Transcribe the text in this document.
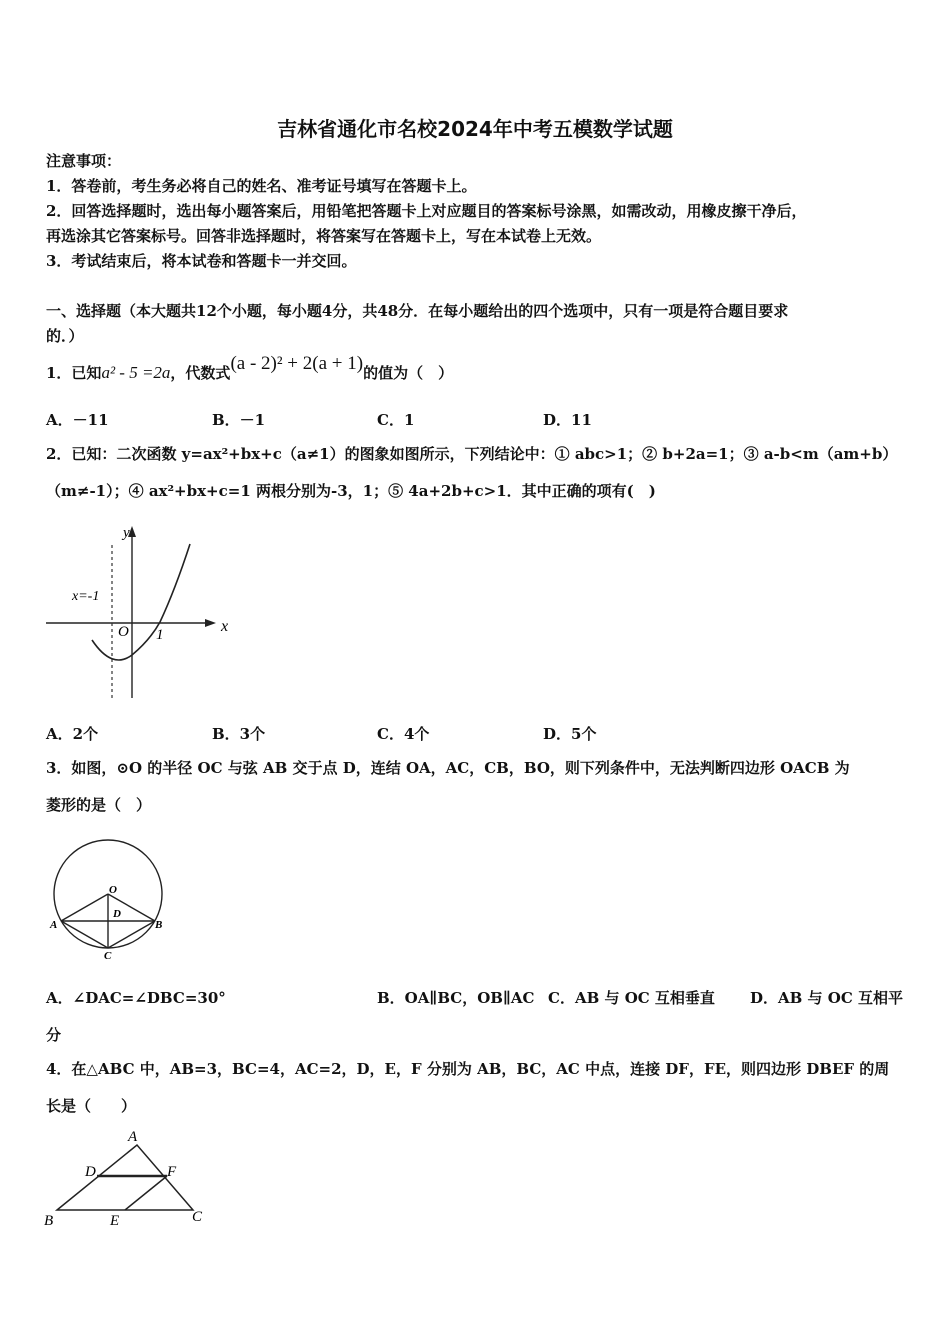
吉林省通化市名校2024年中考五模数学试题
注意事项：
1．答卷前，考生务必将自己的姓名、准考证号填写在答题卡上。
2．回答选择题时，选出每小题答案后，用铅笔把答题卡上对应题目的答案标号涂黑，如需改动，用橡皮擦干净后，
再选涂其它答案标号。回答非选择题时，将答案写在答题卡上，写在本试卷上无效。
3．考试结束后，将本试卷和答题卡一并交回。
一、选择题（本大题共12个小题，每小题4分，共48分．在每小题给出的四个选项中，只有一项是符合题目要求
的．）
1．已知a² - 5 =2a，代数式(a - 2)² + 2(a + 1)的值为（　）
A．－11	B．－1	C．1	D．11
2．已知：二次函数 y=ax²+bx+c（a≠1）的图象如图所示，下列结论中：① abc>1；② b+2a=1；③ a-b<m（am+b）
（m≠-1）；④ ax²+bx+c=1 两根分别为-3，1；⑤ 4a+2b+c>1．其中正确的项有(　)
y
x
O 1
x=-1
A．2个	B．3个	C．4个	D．5个
3．如图，⊙O 的半径 OC 与弦 AB 交于点 D，连结 OA，AC，CB，BO，则下列条件中，无法判断四边形 OACB 为
菱形的是（　）
O
D
A	B
C
A．∠DAC=∠DBC=30°	B．OA∥BC，OB∥AC C．AB 与 OC 互相垂直 D．AB 与 OC 互相平
分
4．在△ABC 中，AB=3，BC=4，AC=2，D，E，F 分别为 AB，BC，AC 中点，连接 DF，FE，则四边形 DBEF 的周
长是（　　）
A
B	C
D
E
F
